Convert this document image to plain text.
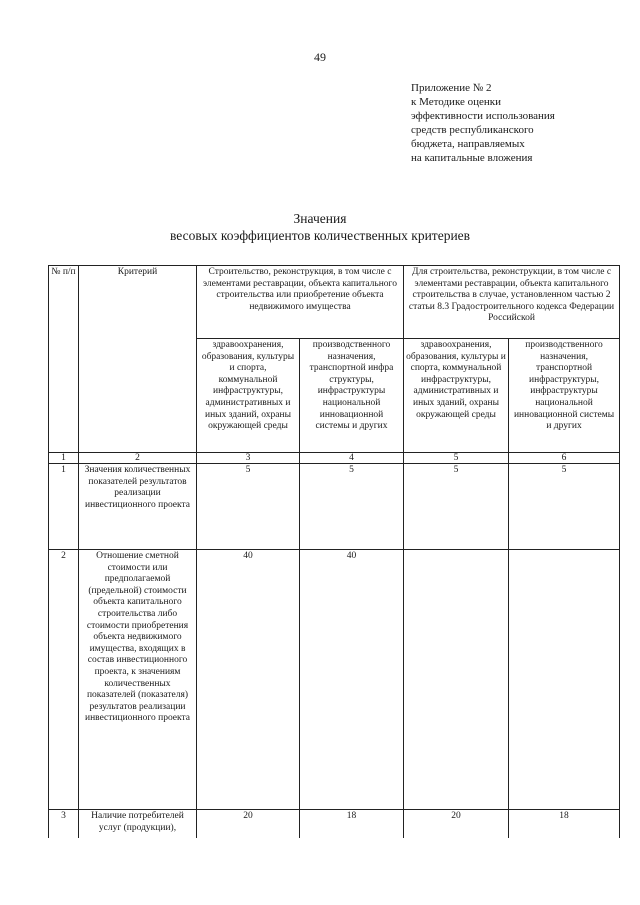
49
Приложение № 2
к Методике оценки
эффективности использования
средств республиканского
бюджета, направляемых
на капитальные вложения
Значения
весовых коэффициентов количественных критериев
№ п/п	Критерий	Строительство, реконструкция, в том числе с элементами реставрации, объекта капитального строительства или приобретение объекта недвижимого имущества		Для строительства, реконструкции, в том числе с элементами реставрации, объекта капитального строительства в случае, установленном частью 2 статьи 8.3 Градостроительного кодекса Федерации Российской	
		здравоохранения, образования, культуры и спорта, коммунальной инфраструктуры, административных и иных зданий, охраны окружающей среды	производственного назначения, транспортной инфра структуры, инфраструктуры национальной инновационной системы и других	здравоохранения, образования, культуры и спорта, коммунальной инфраструктуры, административных и иных зданий, охраны окружающей среды	производственного назначения, транспортной инфраструктуры, инфраструктуры национальной инновационной системы и других
1	2	3	4	5	6
1	Значения количественных показателей результатов реализации инвестиционного проекта	5	5	5	5
2	Отношение сметной стоимости или предполагаемой (предельной) стоимости объекта капитального строительства либо стоимости приобретения объекта недвижимого имущества, входящих в состав инвестиционного проекта, к значениям количественных показателей (показателя) результатов реализации инвестиционного проекта	40	40		
3	Наличие потребителей услуг (продукции),	20	18	20	18
